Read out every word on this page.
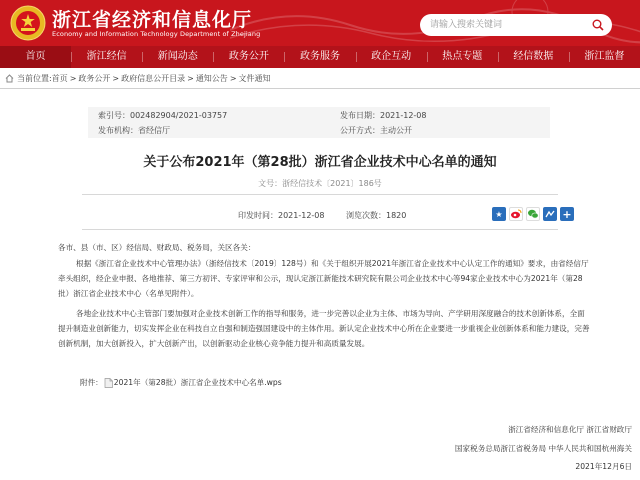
浙江省经济和信息化厅
Economy and Information Technology Department of Zhejiang
请输入搜索关键词
首页	浙江经信	新闻动态	政务公开	政务服务	政企互动	热点专题	经信数据	浙江监督
当前位置: 首页 > 政务公开 > 政府信息公开目录 > 通知公告 > 文件通知
索引号：002482904/2021-03757	发布日期：2021-12-08
发布机构：省经信厅	公开方式：主动公开
关于公布2021年（第28批）浙江省企业技术中心名单的通知
文号：浙经信技术〔2021〕186号
印发时间：2021-12-08	浏览次数：1820	★	+
各市、县（市、区）经信局、财政局、税务局，关区各关：
根据《浙江省企业技术中心管理办法》（浙经信技术〔2019〕128号）和《关于组织开展2021年浙江省企业技术中心认定工作的通知》要求，由省经信厅牵头组织，经企业申报、各地推荐、第三方初评、专家评审和公示，现认定浙江新能技术研究院有限公司企业技术中心等94家企业技术中心为2021年（第28批）浙江省企业技术中心（名单见附件）。
各地企业技术中心主管部门要加强对企业技术创新工作的指导和服务，进一步完善以企业为主体、市场为导向、产学研用深度融合的技术创新体系，全面提升制造业创新能力，切实发挥企业在科技自立自强和制造强国建设中的主体作用。新认定企业技术中心所在企业要进一步重视企业创新体系和能力建设，完善创新机制，加大创新投入，扩大创新产出，以创新驱动企业核心竞争能力提升和高质量发展。
附件： 2021年（第28批）浙江省企业技术中心名单.wps
浙江省经济和信息化厅 浙江省财政厅
国家税务总局浙江省税务局 中华人民共和国杭州海关
2021年12月6日
